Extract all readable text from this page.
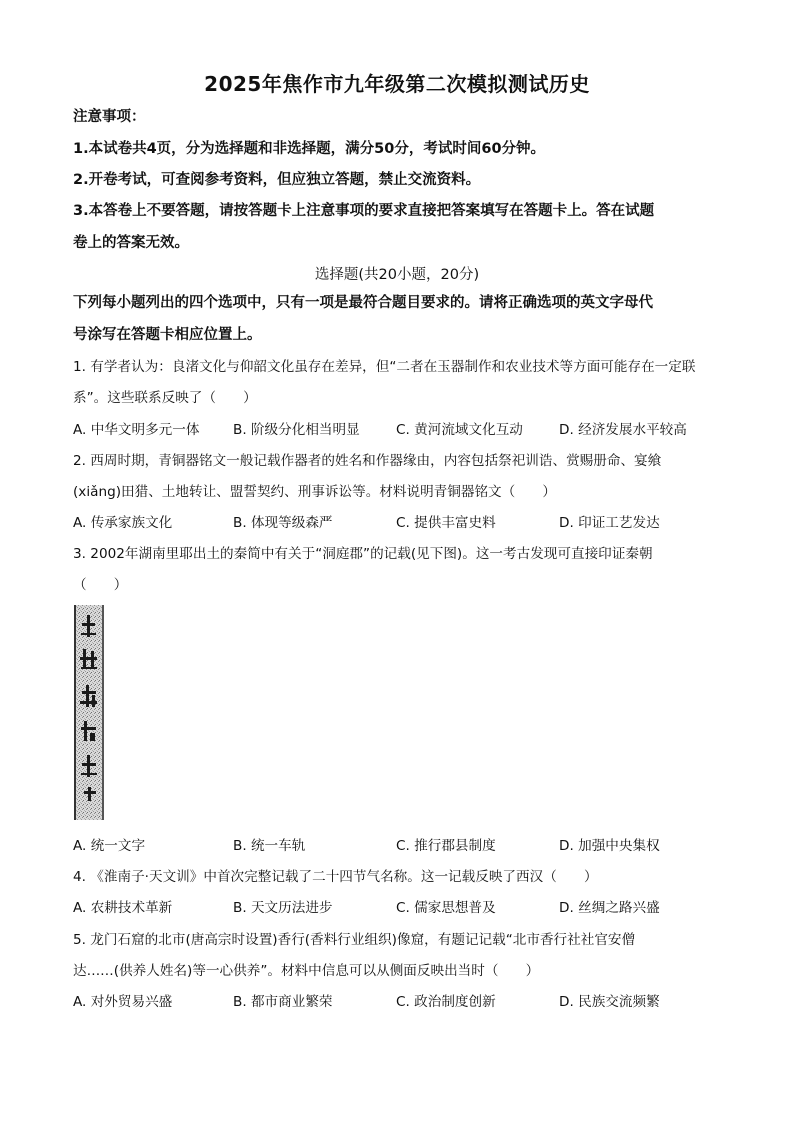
2025年焦作市九年级第二次模拟测试历史
注意事项：
1.本试卷共4页，分为选择题和非选择题，满分50分，考试时间60分钟。
2.开卷考试，可查阅参考资料，但应独立答题，禁止交流资料。
3.本答卷上不要答题，请按答题卡上注意事项的要求直接把答案填写在答题卡上。答在试题
卷上的答案无效。
选择题(共20小题，20分)
下列每小题列出的四个选项中，只有一项是最符合题目要求的。请将正确选项的英文字母代
号涂写在答题卡相应位置上。
1. 有学者认为：良渚文化与仰韶文化虽存在差异，但“二者在玉器制作和农业技术等方面可能存在一定联
系”。这些联系反映了（　　）
A. 中华文明多元一体 B. 阶级分化相当明显	C. 黄河流域文化互动	D. 经济发展水平较高
2. 西周时期，青铜器铭文一般记载作器者的姓名和作器缘由，内容包括祭祀训诰、赏赐册命、宴飨
(xiǎng)田猎、土地转让、盟誓契约、刑事诉讼等。材料说明青铜器铭文（　　）
A. 传承家族文化	B. 体现等级森严	C. 提供丰富史料	D. 印证工艺发达
3. 2002年湖南里耶出土的秦简中有关于“洞庭郡”的记载(见下图)。这一考古发现可直接印证秦朝
（　　）
A. 统一文字	B. 统一车轨	C. 推行郡县制度	D. 加强中央集权
4. 《淮南子·天文训》中首次完整记载了二十四节气名称。这一记载反映了西汉（　　）
A. 农耕技术革新	B. 天文历法进步	C. 儒家思想普及	D. 丝绸之路兴盛
5. 龙门石窟的北市(唐高宗时设置)香行(香料行业组织)像窟，有题记记载“北市香行社社官安僧
达……(供养人姓名)等一心供养”。材料中信息可以从侧面反映出当时（　　）
A. 对外贸易兴盛	B. 都市商业繁荣	C. 政治制度创新	D. 民族交流频繁
